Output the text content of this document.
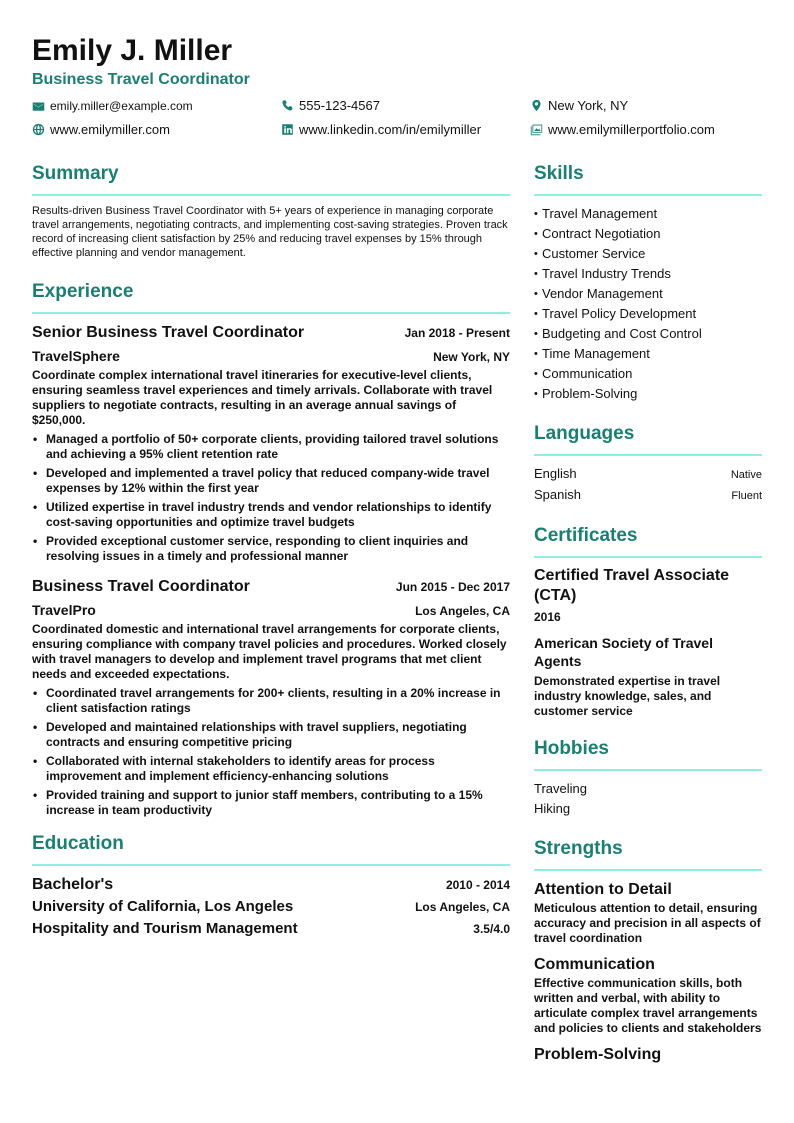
Emily J. Miller
Business Travel Coordinator
emily.miller@example.com	555-123-4567	New York, NY
www.emilymiller.com	www.linkedin.com/in/emilymiller	www.emilymillerportfolio.com
Summary
Results-driven Business Travel Coordinator with 5+ years of experience in managing corporate travel arrangements, negotiating contracts, and implementing cost-saving strategies. Proven track record of increasing client satisfaction by 25% and reducing travel expenses by 15% through effective planning and vendor management.
Experience
Senior Business Travel Coordinator	Jan 2018 - Present
TravelSphere	New York, NY
Coordinate complex international travel itineraries for executive-level clients, ensuring seamless travel experiences and timely arrivals. Collaborate with travel suppliers to negotiate contracts, resulting in an average annual savings of $250,000.
• Managed a portfolio of 50+ corporate clients, providing tailored travel solutions and achieving a 95% client retention rate
• Developed and implemented a travel policy that reduced company-wide travel expenses by 12% within the first year
• Utilized expertise in travel industry trends and vendor relationships to identify cost-saving opportunities and optimize travel budgets
• Provided exceptional customer service, responding to client inquiries and resolving issues in a timely and professional manner
Business Travel Coordinator	Jun 2015 - Dec 2017
TravelPro	Los Angeles, CA
Coordinated domestic and international travel arrangements for corporate clients, ensuring compliance with company travel policies and procedures. Worked closely with travel managers to develop and implement travel programs that met client needs and exceeded expectations.
• Coordinated travel arrangements for 200+ clients, resulting in a 20% increase in client satisfaction ratings
• Developed and maintained relationships with travel suppliers, negotiating contracts and ensuring competitive pricing
• Collaborated with internal stakeholders to identify areas for process improvement and implement efficiency-enhancing solutions
• Provided training and support to junior staff members, contributing to a 15% increase in team productivity
Education
Bachelor's	2010 - 2014
University of California, Los Angeles	Los Angeles, CA
Hospitality and Tourism Management	3.5/4.0
Skills
• Travel Management
• Contract Negotiation
• Customer Service
• Travel Industry Trends
• Vendor Management
• Travel Policy Development
• Budgeting and Cost Control
• Time Management
• Communication
• Problem-Solving
Languages
English	Native
Spanish	Fluent
Certificates
Certified Travel Associate (CTA)
2016
American Society of Travel Agents
Demonstrated expertise in travel industry knowledge, sales, and customer service
Hobbies
Traveling
Hiking
Strengths
Attention to Detail
Meticulous attention to detail, ensuring accuracy and precision in all aspects of travel coordination
Communication
Effective communication skills, both written and verbal, with ability to articulate complex travel arrangements and policies to clients and stakeholders
Problem-Solving
